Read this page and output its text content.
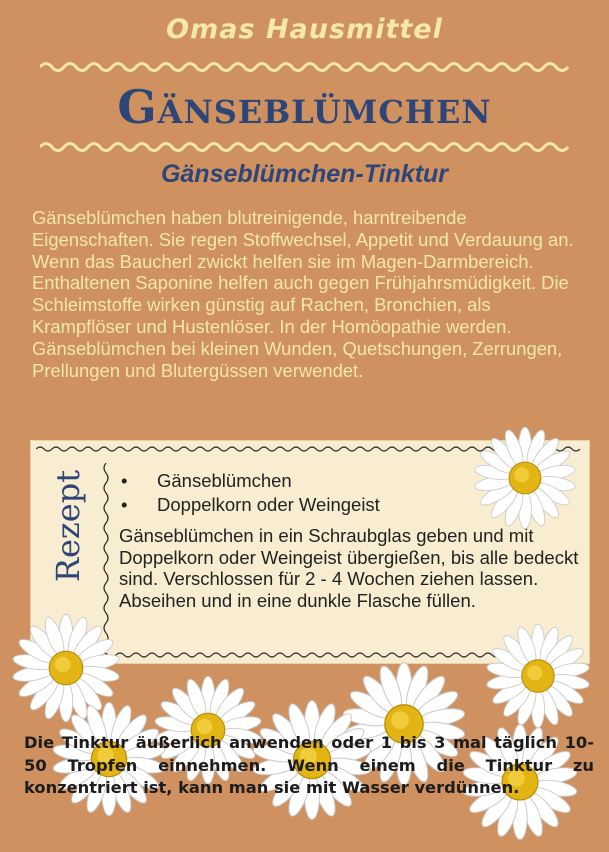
Omas Hausmittel
Gänseblümchen
Gänseblümchen-Tinktur
Gänseblümchen haben blutreinigende, harntreibende Eigenschaften. Sie regen Stoffwechsel, Appetit und Verdauung an. Wenn das Baucherl zwickt helfen sie im Magen-Darmbereich. Enthaltenen Saponine helfen auch gegen Frühjahrsmüdigkeit. Die Schleimstoffe wirken günstig auf Rachen, Bronchien, als Krampflöser und Hustenlöser. In der Homöopathie werden. Gänseblümchen bei kleinen Wunden, Quetschungen, Zerrungen, Prellungen und Blutergüssen verwendet.
Rezept • Gänseblümchen
• Doppelkorn oder Weingeist
Gänseblümchen in ein Schraubglas geben und mit Doppelkorn oder Weingeist übergießen, bis alle bedeckt sind. Verschlossen für 2 - 4 Wochen ziehen lassen.
Abseihen und in eine dunkle Flasche füllen.
Die Tinktur äußerlich anwenden oder 1 bis 3 mal täglich 10-50 Tropfen einnehmen. Wenn einem die Tinktur zu konzentriert ist, kann man sie mit Wasser verdünnen.
